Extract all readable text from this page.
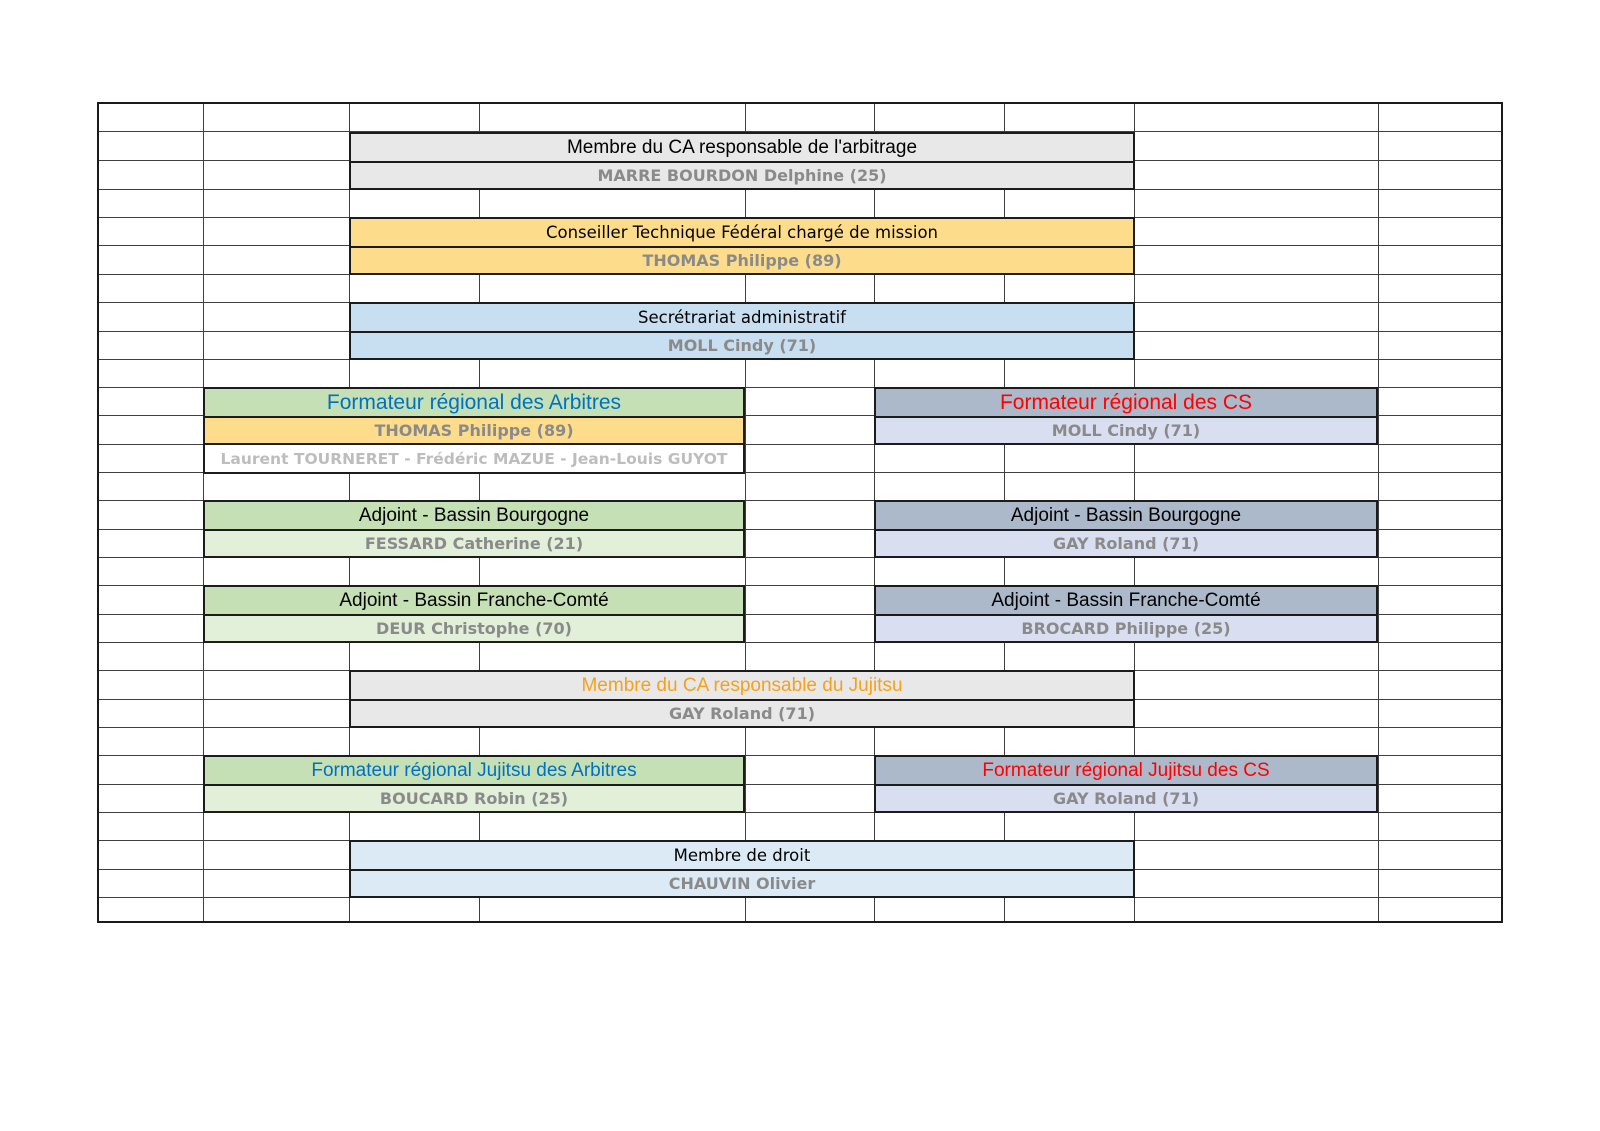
Membre du CA responsable de l'arbitrage
MARRE BOURDON Delphine (25)
Conseiller Technique Fédéral chargé de mission
THOMAS Philippe (89)
Secrétrariat administratif
MOLL Cindy (71)
Formateur régional des Arbitres
THOMAS Philippe (89)
Laurent TOURNERET - Frédéric MAZUE - Jean-Louis GUYOT
Formateur régional des CS
MOLL Cindy (71)
Adjoint - Bassin Bourgogne
FESSARD Catherine (21)
Adjoint - Bassin Bourgogne
GAY Roland (71)
Adjoint - Bassin Franche-Comté
DEUR Christophe (70)
Adjoint - Bassin Franche-Comté
BROCARD Philippe (25)
Membre du CA responsable du Jujitsu
GAY Roland (71)
Formateur régional Jujitsu des Arbitres
BOUCARD Robin (25)
Formateur régional Jujitsu des CS
GAY Roland (71)
Membre de droit
CHAUVIN Olivier
